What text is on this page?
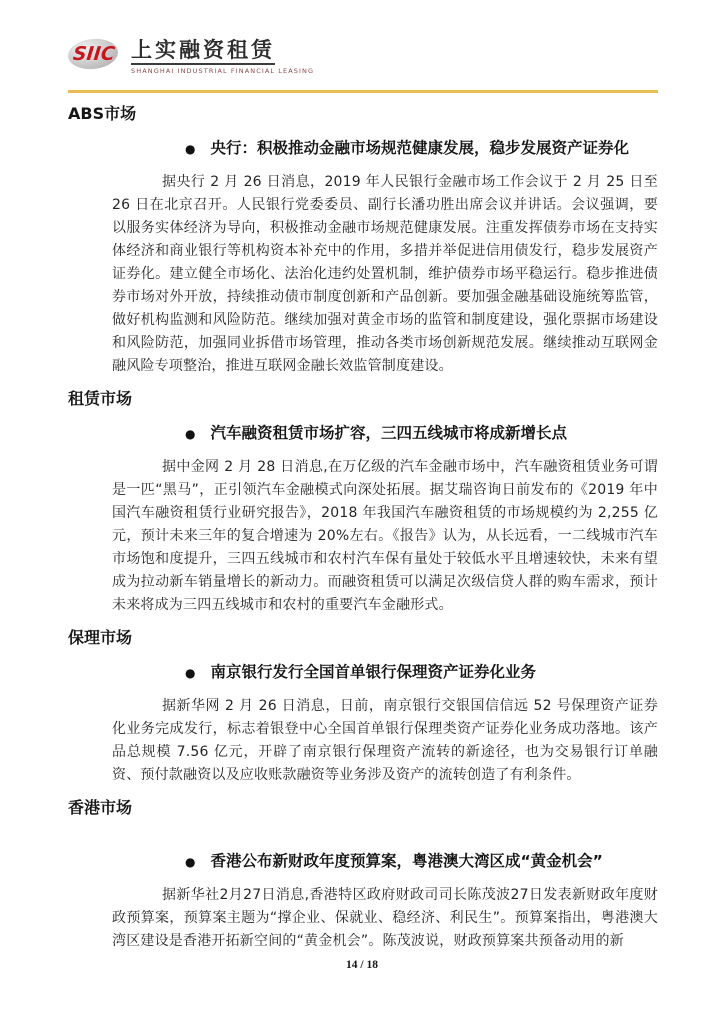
SIIC 上实融资租赁
SHANGHAI INDUSTRIAL FINANCIAL LEASING
ABS市场
● 央行：积极推动金融市场规范健康发展，稳步发展资产证券化

据央行 2 月 26 日消息，2019 年人民银行金融市场工作会议于 2 月 25 日至 26 日在北京召开。人民银行党委委员、副行长潘功胜出席会议并讲话。会议强调，要以服务实体经济为导向，积极推动金融市场规范健康发展。注重发挥债券市场在支持实体经济和商业银行等机构资本补充中的作用，多措并举促进信用债发行，稳步发展资产证券化。建立健全市场化、法治化违约处置机制，维护债券市场平稳运行。稳步推进债券市场对外开放，持续推动债市制度创新和产品创新。要加强金融基础设施统筹监管，做好机构监测和风险防范。继续加强对黄金市场的监管和制度建设，强化票据市场建设和风险防范，加强同业拆借市场管理，推动各类市场创新规范发展。继续推动互联网金融风险专项整治，推进互联网金融长效监管制度建设。

租赁市场
● 汽车融资租赁市场扩容，三四五线城市将成新增长点

据中金网 2 月 28 日消息,在万亿级的汽车金融市场中，汽车融资租赁业务可谓是一匹“黑马”，正引领汽车金融模式向深处拓展。据艾瑞咨询日前发布的《2019 年中国汽车融资租赁行业研究报告》，2018 年我国汽车融资租赁的市场规模约为 2,255 亿元，预计未来三年的复合增速为 20%左右。《报告》认为，从长远看，一二线城市汽车市场饱和度提升，三四五线城市和农村汽车保有量处于较低水平且增速较快，未来有望成为拉动新车销量增长的新动力。而融资租赁可以满足次级信贷人群的购车需求，预计未来将成为三四五线城市和农村的重要汽车金融形式。

保理市场
● 南京银行发行全国首单银行保理资产证券化业务

据新华网 2 月 26 日消息，日前，南京银行交银国信信远 52 号保理资产证券化业务完成发行，标志着银登中心全国首单银行保理类资产证券化业务成功落地。该产品总规模 7.56 亿元，开辟了南京银行保理资产流转的新途径，也为交易银行订单融资、预付款融资以及应收账款融资等业务涉及资产的流转创造了有利条件。

香港市场
● 香港公布新财政年度预算案，粤港澳大湾区成“黄金机会”

据新华社2月27日消息,香港特区政府财政司司长陈茂波27日发表新财政年度财政预算案，预算案主题为“撑企业、保就业、稳经济、利民生”。预算案指出，粤港澳大湾区建设是香港开拓新空间的“黄金机会”。陈茂波说，财政预算案共预备动用的新

14 / 18
